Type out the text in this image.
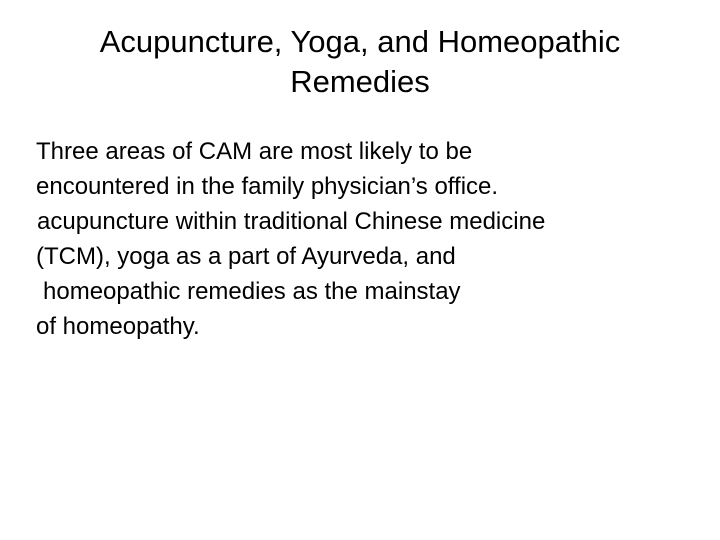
Acupuncture, Yoga, and Homeopathic
Remedies
Three areas of CAM are most likely to be
encountered in the family physician’s office.
acupuncture within traditional Chinese medicine
(TCM), yoga as a part of Ayurveda, and
homeopathic remedies as the mainstay
of homeopathy.
